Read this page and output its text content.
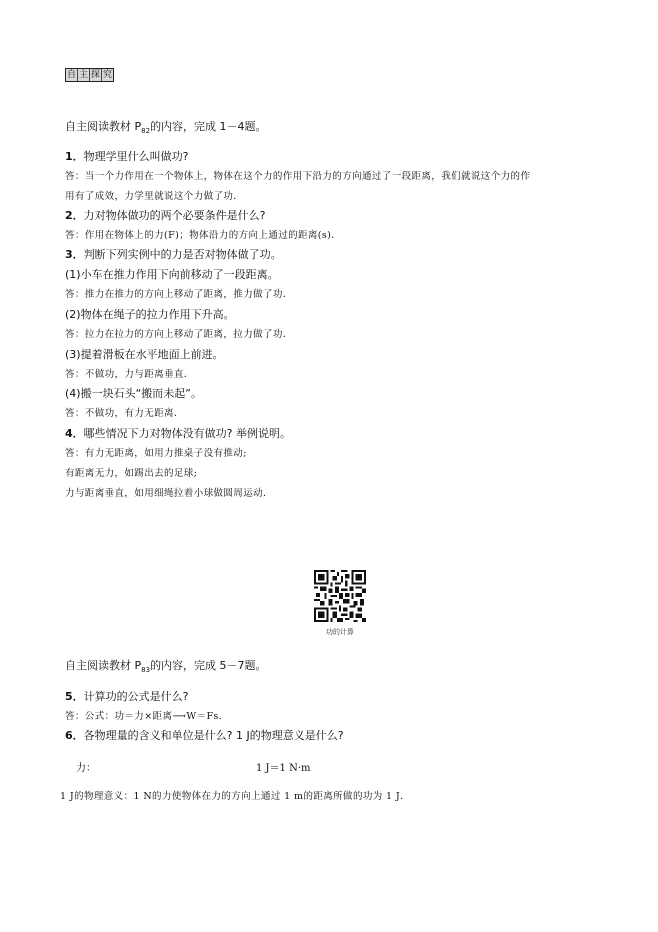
自 主 探 究
自主阅读教材 $P_{82}$的内容，完成 1－4题。
1．物理学里什么叫做功?
答：当一个力作用在一个物体上，物体在这个力的作用下沿力的方向通过了一段距离，我们就说这个力的作
用有了成效，力学里就说这个力做了功．
2．力对物体做功的两个必要条件是什么?
答：作用在物体上的力(F)；物体沿力的方向上通过的距离(s)．
3．判断下列实例中的力是否对物体做了功。
(1)小车在推力作用下向前移动了一段距离。
答：推力在推力的方向上移动了距离，推力做了功．
(2)物体在绳子的拉力作用下升高。
答：拉力在拉力的方向上移动了距离，拉力做了功．
(3)提着滑板在水平地面上前进。
答：不做功，力与距离垂直．
(4)搬一块石头“搬而未起”。
答：不做功，有力无距离．
4．哪些情况下力对物体没有做功? 举例说明。
答：有力无距离，如用力推桌子没有推动;
有距离无力，如踢出去的足球;
力与距离垂直，如用细绳拉着小球做圆周运动．
功的计算
自主阅读教材 $P_{83}$的内容，完成 5－7题。
5．计算功的公式是什么?
答：公式：功＝力×距离⟶W＝Fs．
6．各物理量的含义和单位是什么? 1 J的物理意义是什么?
力：	1 J＝1 N·m
1 J的物理意义：1 N的力使物体在力的方向上通过 1 m的距离所做的功为 1 J．
